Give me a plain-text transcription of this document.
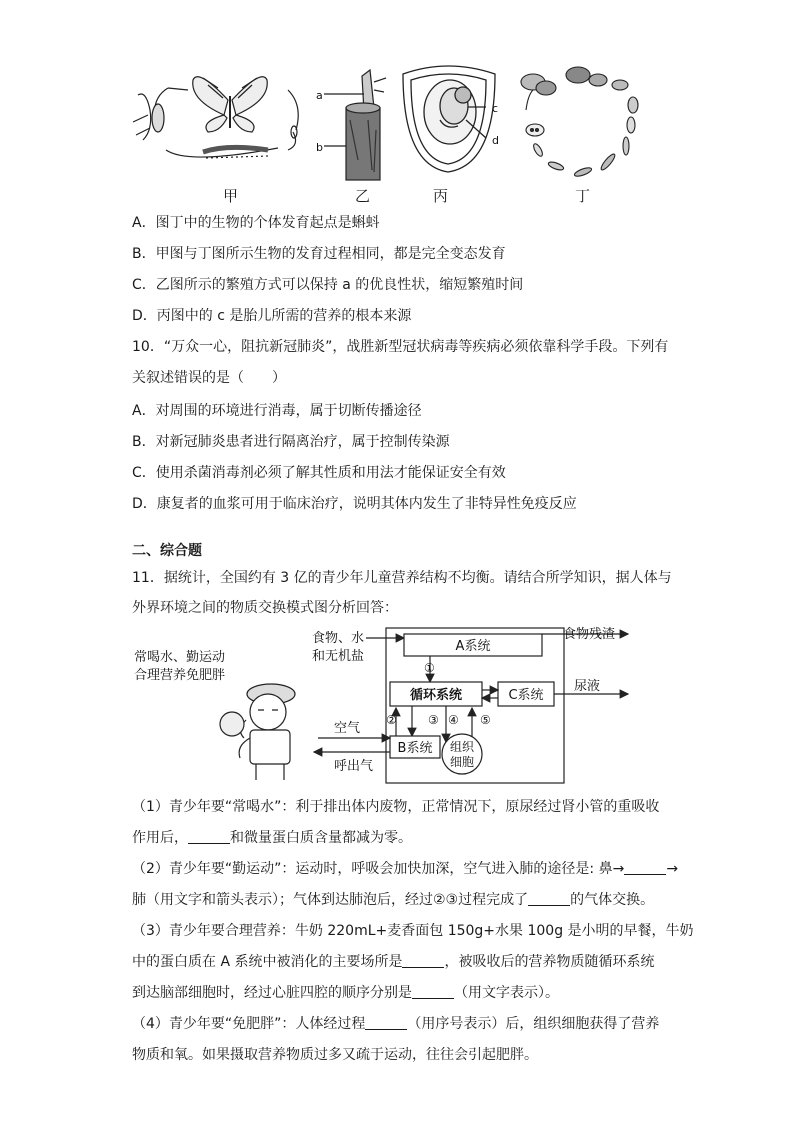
a
b
c
d
甲	乙	丙	丁
A．图丁中的生物的个体发育起点是蝌蚪
B．甲图与丁图所示生物的发育过程相同，都是完全变态发育
C．乙图所示的繁殖方式可以保持 a 的优良性状，缩短繁殖时间
D．丙图中的 c 是胎儿所需的营养的根本来源
10．“万众一心，阻抗新冠肺炎”，战胜新型冠状病毒等疾病必须依靠科学手段。下列有
关叙述错误的是（　　）
A．对周围的环境进行消毒，属于切断传播途径
B．对新冠肺炎患者进行隔离治疗，属于控制传染源
C．使用杀菌消毒剂必须了解其性质和用法才能保证安全有效
D．康复者的血浆可用于临床治疗，说明其体内发生了非特异性免疫反应
二、综合题
11．据统计，全国约有 3 亿的青少年儿童营养结构不均衡。请结合所学知识，据人体与
外界环境之间的物质交换模式图分析回答：
常喝水、勤运动
合理营养免肥胖
食物、水
和无机盐
A系统
食物残渣
①
循环系统	C系统
尿液
②	③ ④ ⑤
B系统
空气
呼出气
组织
细胞
（1）青少年要“常喝水”：利于排出体内废物，正常情况下，原尿经过肾小管的重吸收
作用后，	和微量蛋白质含量都减为零。
（2）青少年要“勤运动”：运动时，呼吸会加快加深，空气进入肺的途径是: 鼻→	→
肺（用文字和箭头表示）；气体到达肺泡后，经过②③过程完成了	的气体交换。
（3）青少年要合理营养：牛奶 220mL+麦香面包 150g+水果 100g 是小明的早餐，牛奶
中的蛋白质在 A 系统中被消化的主要场所是	，被吸收后的营养物质随循环系统
到达脑部细胞时，经过心脏四腔的顺序分别是	（用文字表示）。
（4）青少年要“免肥胖”：人体经过程	（用序号表示）后，组织细胞获得了营养
物质和氧。如果摄取营养物质过多又疏于运动，往往会引起肥胖。
